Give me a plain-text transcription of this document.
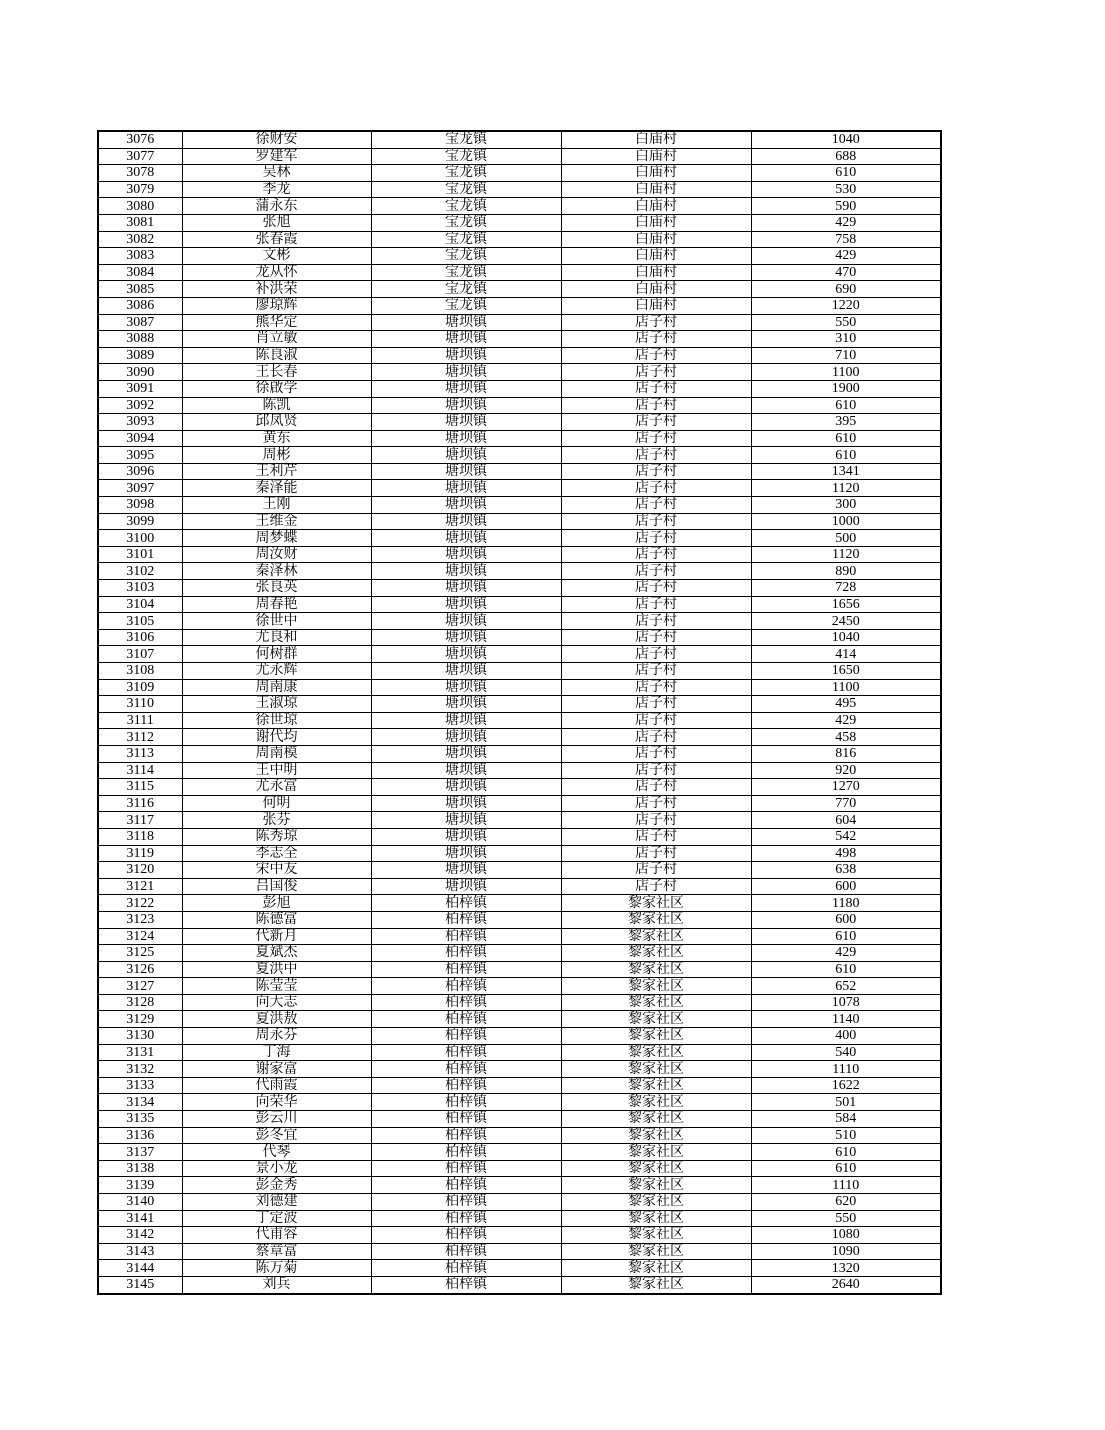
3076	徐财安	宝龙镇	白庙村	1040
3077	罗建军	宝龙镇	白庙村	688
3078	吴林	宝龙镇	白庙村	610
3079	李龙	宝龙镇	白庙村	530
3080	蒲永东	宝龙镇	白庙村	590
3081	张旭	宝龙镇	白庙村	429
3082	张春霞	宝龙镇	白庙村	758
3083	文彬	宝龙镇	白庙村	429
3084	龙从怀	宝龙镇	白庙村	470
3085	补洪荣	宝龙镇	白庙村	690
3086	廖琼辉	宝龙镇	白庙村	1220
3087	熊华定	塘坝镇	店子村	550
3088	肖立敏	塘坝镇	店子村	310
3089	陈良淑	塘坝镇	店子村	710
3090	王长春	塘坝镇	店子村	1100
3091	徐啟学	塘坝镇	店子村	1900
3092	陈凯	塘坝镇	店子村	610
3093	邱凤贤	塘坝镇	店子村	395
3094	黄东	塘坝镇	店子村	610
3095	周彬	塘坝镇	店子村	610
3096	王利芹	塘坝镇	店子村	1341
3097	秦泽能	塘坝镇	店子村	1120
3098	王刚	塘坝镇	店子村	300
3099	王维金	塘坝镇	店子村	1000
3100	周梦蝶	塘坝镇	店子村	500
3101	周汝财	塘坝镇	店子村	1120
3102	秦泽林	塘坝镇	店子村	890
3103	张良英	塘坝镇	店子村	728
3104	周春艳	塘坝镇	店子村	1656
3105	徐世中	塘坝镇	店子村	2450
3106	尤良和	塘坝镇	店子村	1040
3107	何树群	塘坝镇	店子村	414
3108	尤永辉	塘坝镇	店子村	1650
3109	周南康	塘坝镇	店子村	1100
3110	王淑琼	塘坝镇	店子村	495
3111	徐世琼	塘坝镇	店子村	429
3112	谢代均	塘坝镇	店子村	458
3113	周南模	塘坝镇	店子村	816
3114	王中明	塘坝镇	店子村	920
3115	尤永富	塘坝镇	店子村	1270
3116	何明	塘坝镇	店子村	770
3117	张芬	塘坝镇	店子村	604
3118	陈秀琼	塘坝镇	店子村	542
3119	李志全	塘坝镇	店子村	498
3120	宋中友	塘坝镇	店子村	638
3121	吕国俊	塘坝镇	店子村	600
3122	彭旭	柏梓镇	黎家社区	1180
3123	陈德富	柏梓镇	黎家社区	600
3124	代新月	柏梓镇	黎家社区	610
3125	夏斌杰	柏梓镇	黎家社区	429
3126	夏洪中	柏梓镇	黎家社区	610
3127	陈莹莹	柏梓镇	黎家社区	652
3128	向大志	柏梓镇	黎家社区	1078
3129	夏洪敖	柏梓镇	黎家社区	1140
3130	周永芬	柏梓镇	黎家社区	400
3131	丁海	柏梓镇	黎家社区	540
3132	谢家富	柏梓镇	黎家社区	1110
3133	代雨霞	柏梓镇	黎家社区	1622
3134	向荣华	柏梓镇	黎家社区	501
3135	彭云川	柏梓镇	黎家社区	584
3136	彭冬宜	柏梓镇	黎家社区	510
3137	代琴	柏梓镇	黎家社区	610
3138	景小龙	柏梓镇	黎家社区	610
3139	彭金秀	柏梓镇	黎家社区	1110
3140	刘德建	柏梓镇	黎家社区	620
3141	丁定波	柏梓镇	黎家社区	550
3142	代甫容	柏梓镇	黎家社区	1080
3143	蔡章富	柏梓镇	黎家社区	1090
3144	陈万菊	柏梓镇	黎家社区	1320
3145	刘兵	柏梓镇	黎家社区	2640
